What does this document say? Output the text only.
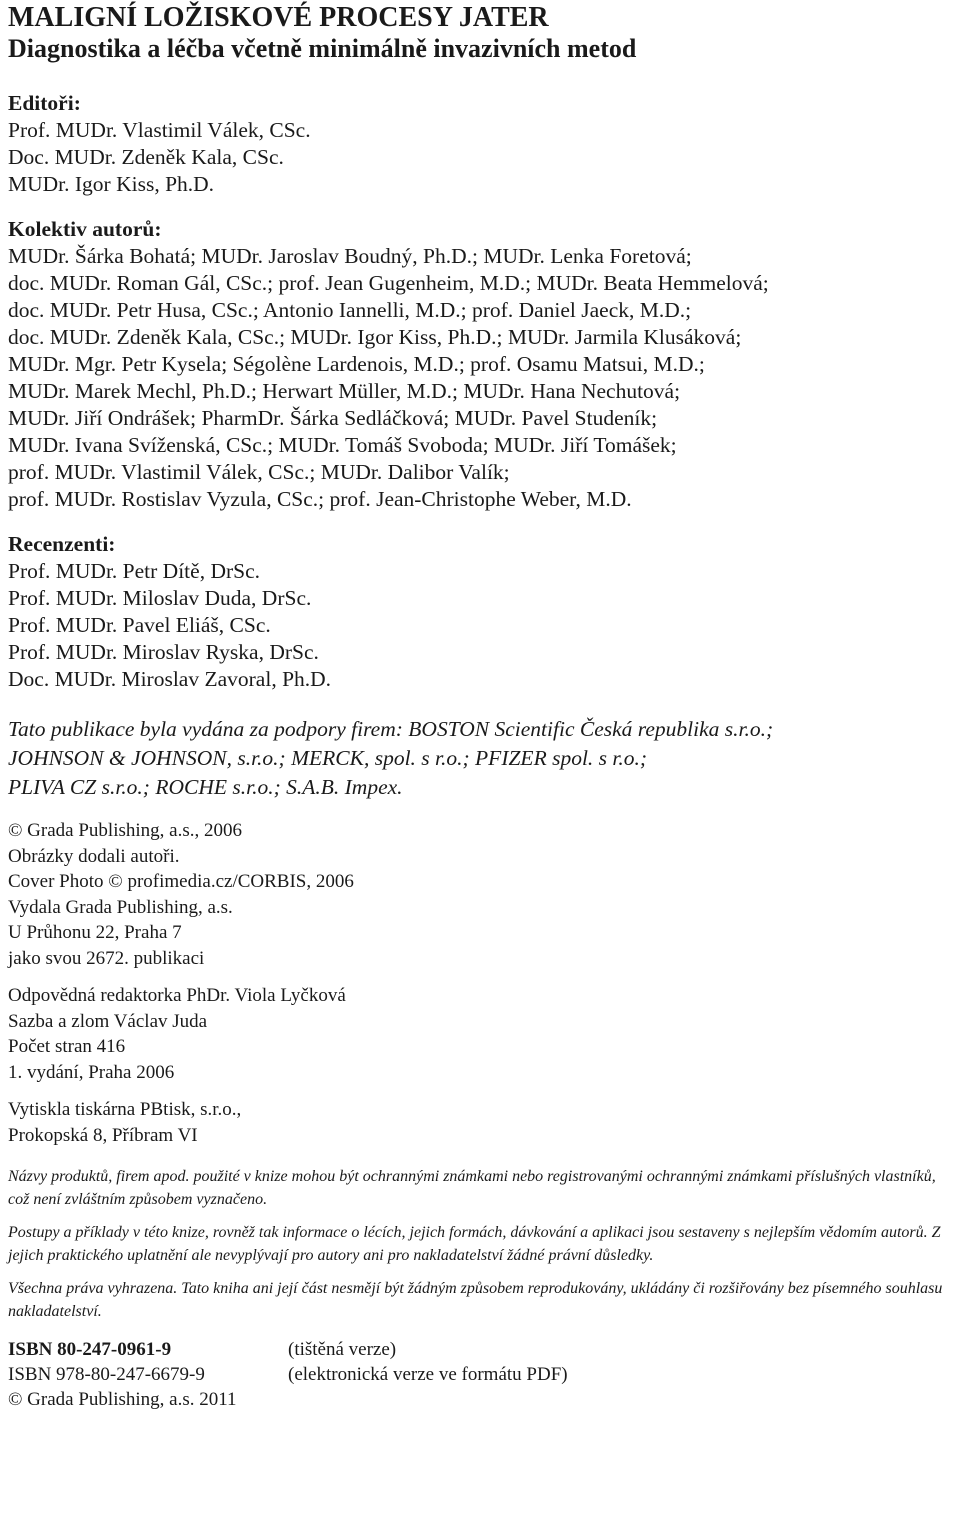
MALIGNÍ LOŽISKOVÉ PROCESY JATER
Diagnostika a léčba včetně minimálně invazivních metod
Editoři:
Prof. MUDr. Vlastimil Válek, CSc.
Doc. MUDr. Zdeněk Kala, CSc.
MUDr. Igor Kiss, Ph.D.
Kolektiv autorů:
MUDr. Šárka Bohatá; MUDr. Jaroslav Boudný, Ph.D.; MUDr. Lenka Foretová;
doc. MUDr. Roman Gál, CSc.; prof. Jean Gugenheim, M.D.; MUDr. Beata Hemmelová;
doc. MUDr. Petr Husa, CSc.; Antonio Iannelli, M.D.; prof. Daniel Jaeck, M.D.;
doc. MUDr. Zdeněk Kala, CSc.; MUDr. Igor Kiss, Ph.D.; MUDr. Jarmila Klusáková;
MUDr. Mgr. Petr Kysela; Ségolène Lardenois, M.D.; prof. Osamu Matsui, M.D.;
MUDr. Marek Mechl, Ph.D.; Herwart Müller, M.D.; MUDr. Hana Nechutová;
MUDr. Jiří Ondrášek; PharmDr. Šárka Sedláčková; MUDr. Pavel Studeník;
MUDr. Ivana Svíženská, CSc.; MUDr. Tomáš Svoboda; MUDr. Jiří Tomášek;
prof. MUDr. Vlastimil Válek, CSc.; MUDr. Dalibor Valík;
prof. MUDr. Rostislav Vyzula, CSc.; prof. Jean-Christophe Weber, M.D.
Recenzenti:
Prof. MUDr. Petr Dítě, DrSc.
Prof. MUDr. Miloslav Duda, DrSc.
Prof. MUDr. Pavel Eliáš, CSc.
Prof. MUDr. Miroslav Ryska, DrSc.
Doc. MUDr. Miroslav Zavoral, Ph.D.
Tato publikace byla vydána za podpory firem: BOSTON Scientific Česká republika s.r.o.;
JOHNSON & JOHNSON, s.r.o.; MERCK, spol. s r.o.; PFIZER spol. s r.o.;
PLIVA CZ s.r.o.; ROCHE s.r.o.; S.A.B. Impex.
© Grada Publishing, a.s., 2006
Obrázky dodali autoři.
Cover Photo © profimedia.cz/CORBIS, 2006
Vydala Grada Publishing, a.s.
U Průhonu 22, Praha 7
jako svou 2672. publikaci
Odpovědná redaktorka PhDr. Viola Lyčková
Sazba a zlom Václav Juda
Počet stran 416
1. vydání, Praha 2006
Vytiskla tiskárna PBtisk, s.r.o.,
Prokopská 8, Příbram VI

Názvy produktů, firem apod. použité v knize mohou být ochrannými známkami nebo registrovanými ochrannými známkami příslušných vlastníků, což není zvláštním způsobem vyznačeno.

Postupy a příklady v této knize, rovněž tak informace o lécích, jejich formách, dávkování a aplikaci jsou sestaveny s nejlepším vědomím autorů. Z jejich praktického uplatnění ale nevyplývají pro autory ani pro nakladatelství žádné právní důsledky.

Všechna práva vyhrazena. Tato kniha ani její část nesmějí být žádným způsobem reprodukovány, ukládány či rozšiřovány bez písemného souhlasu nakladatelství.

ISBN 80-247-0961-9	(tištěná verze)
ISBN 978-80-247-6679-9	(elektronická verze ve formátu PDF)
© Grada Publishing, a.s. 2011
